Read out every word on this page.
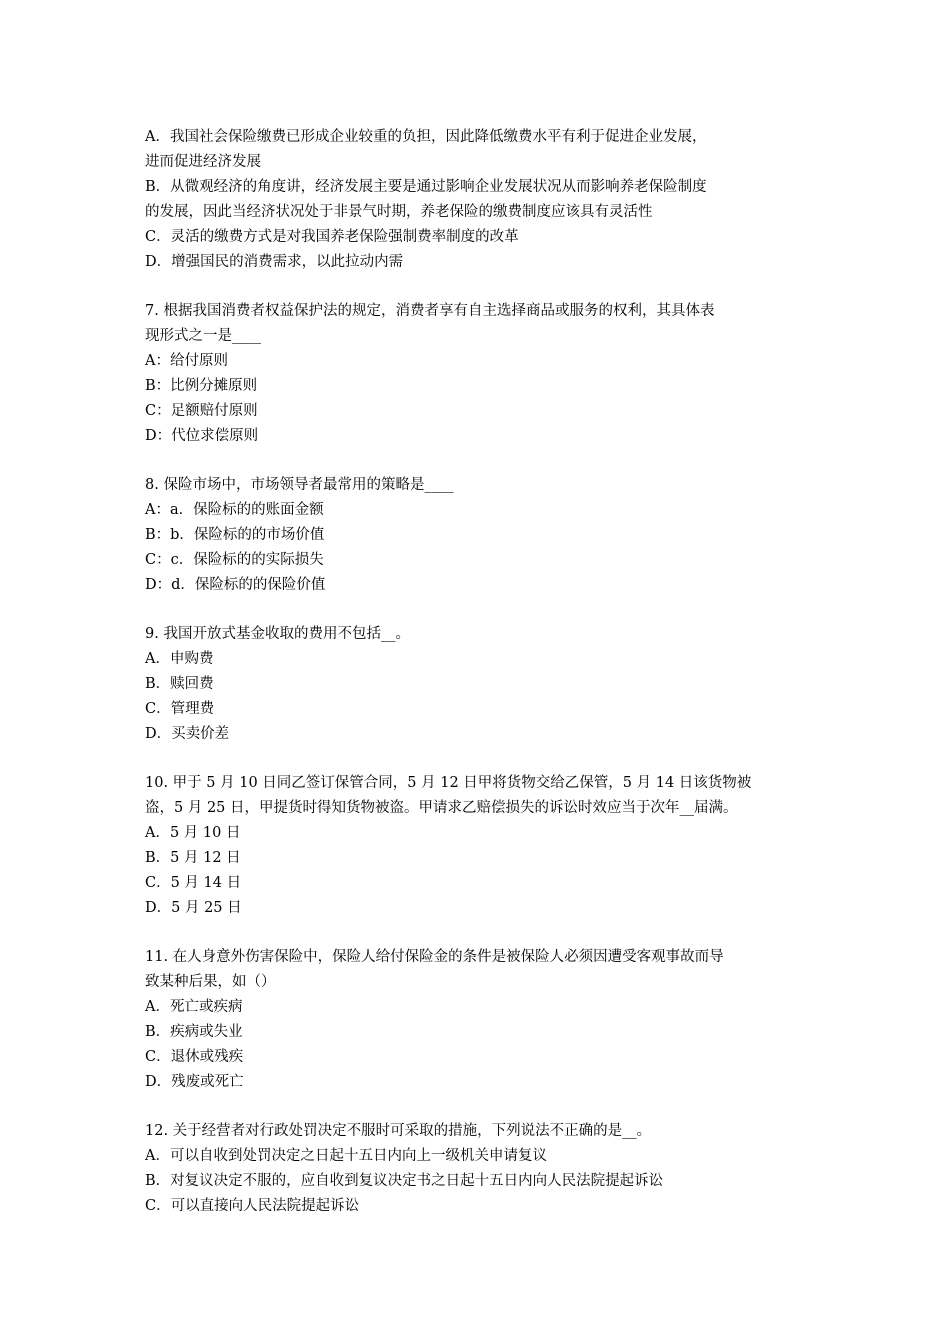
A．我国社会保险缴费已形成企业较重的负担，因此降低缴费水平有利于促进企业发展，
进而促进经济发展
B．从微观经济的角度讲，经济发展主要是通过影响企业发展状况从而影响养老保险制度
的发展，因此当经济状况处于非景气时期，养老保险的缴费制度应该具有灵活性
C．灵活的缴费方式是对我国养老保险强制费率制度的改革
D．增强国民的消费需求，以此拉动内需
7. 根据我国消费者权益保护法的规定，消费者享有自主选择商品或服务的权利，其具体表
现形式之一是____
A：给付原则
B：比例分摊原则
C：足额赔付原则
D：代位求偿原则
8. 保险市场中，市场领导者最常用的策略是____
A：a．保险标的的账面金额
B：b．保险标的的市场价值
C：c．保险标的的实际损失
D：d．保险标的的保险价值
9. 我国开放式基金收取的费用不包括__。
A．申购费
B．赎回费
C．管理费
D．买卖价差
10. 甲于 5 月 10 日同乙签订保管合同，5 月 12 日甲将货物交给乙保管，5 月 14 日该货物被
盗，5 月 25 日，甲提货时得知货物被盗。甲请求乙赔偿损失的诉讼时效应当于次年__届满。
A．5 月 10 日
B．5 月 12 日
C．5 月 14 日
D．5 月 25 日
11. 在人身意外伤害保险中，保险人给付保险金的条件是被保险人必须因遭受客观事故而导
致某种后果，如（）
A．死亡或疾病
B．疾病或失业
C．退休或残疾
D．残废或死亡
12. 关于经营者对行政处罚决定不服时可采取的措施，下列说法不正确的是__。
A．可以自收到处罚决定之日起十五日内向上一级机关申请复议
B．对复议决定不服的，应自收到复议决定书之日起十五日内向人民法院提起诉讼
C．可以直接向人民法院提起诉讼
